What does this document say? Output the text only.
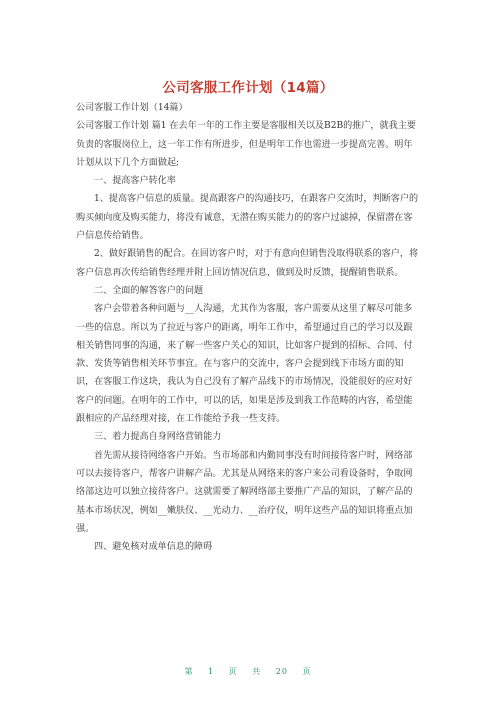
公司客服工作计划（14篇）

公司客服工作计划（14篇）

公司客服工作计划 篇1 在去年一年的工作主要是客服相关以及B2B的推广，就我主要负责的客服岗位上，这一年工作有所进步，但是明年工作也需进一步提高完善。明年计划从以下几个方面做起;

一、提高客户转化率

1、提高客户信息的质量。提高跟客户的沟通技巧，在跟客户交流时，判断客户的购买倾向度及购买能力，将没有诚意，无潜在购买能力的的客户过滤掉，保留潜在客户信息传给销售。

2、做好跟销售的配合。在回访客户时，对于有意向但销售没取得联系的客户，将客户信息再次传给销售经理并附上回访情况信息，做到及时反馈，提醒销售联系。

二、全面的解答客户的问题

客户会带着各种问题与__人沟通，尤其作为客服，客户需要从这里了解尽可能多一些的信息。所以为了拉近与客户的距离，明年工作中，希望通过自己的学习以及跟相关销售同事的沟通，来了解一些客户关心的知识，比如客户提到的招标、合同、付款、发货等销售相关环节事宜。在与客户的交流中，客户会提到线下市场方面的知识，在客服工作这块，我认为自己没有了解产品线下的市场情况，没能很好的应对好客户的问题。在明年的工作中，可以的话，如果是涉及到我工作范畴的内容，希望能跟相应的产品经理对接，在工作能给予我一些支持。

三、着力提高自身网络营销能力

首先需从接待网络客户开始。当市场部和内勤同事没有时间接待客户时，网络部可以去接待客户，帮客户讲解产品。尤其是从网络来的客户来公司看设备时，争取网络部这边可以独立接待客户。这就需要了解网络部主要推广产品的知识，了解产品的基本市场状况，例如__嫩肤仪、__光动力、__治疗仪，明年这些产品的知识将重点加强。

四、避免核对成单信息的障碍

第 1 页 共 20 页
